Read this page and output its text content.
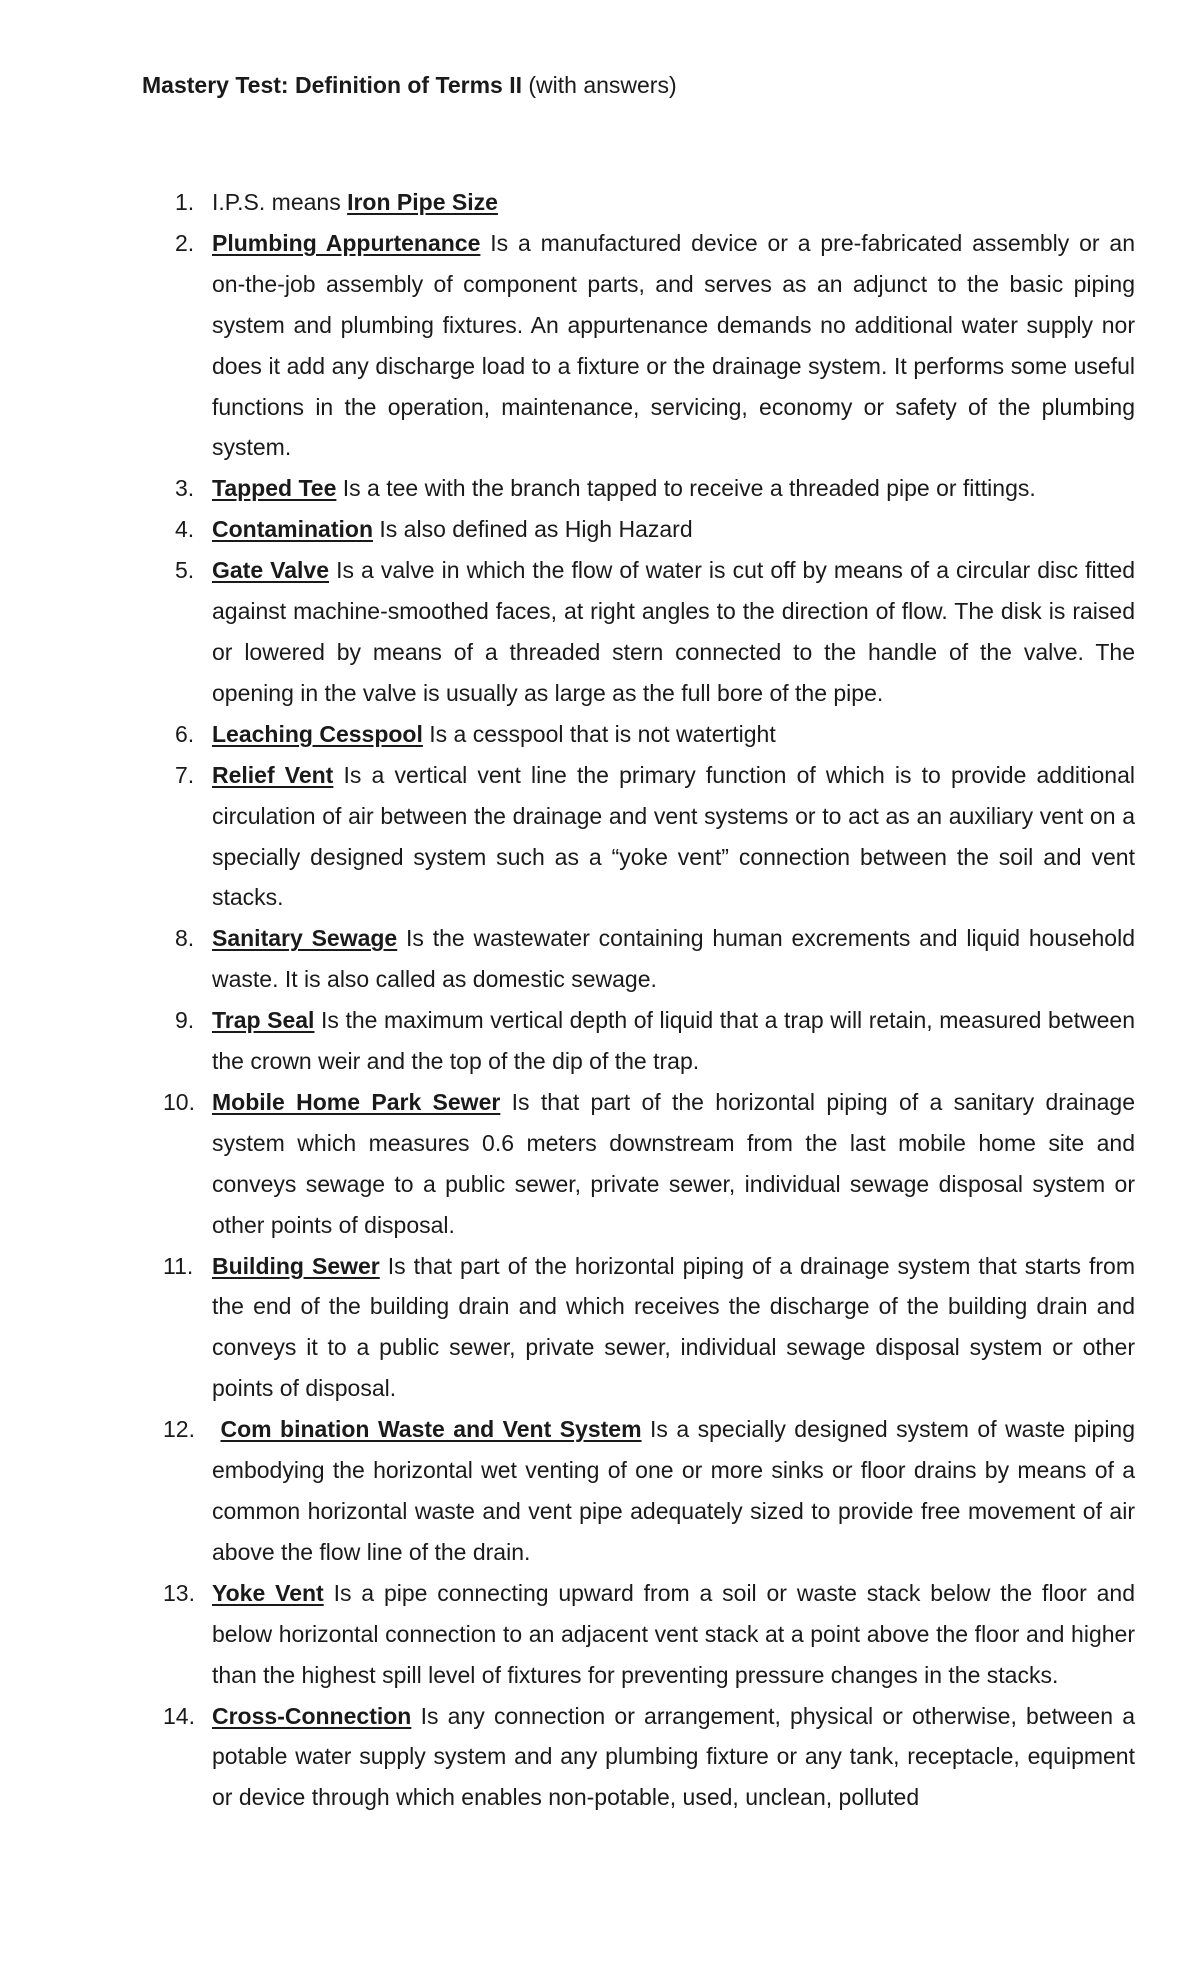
Mastery Test: Definition of Terms II (with answers)
1. I.P.S. means Iron Pipe Size
2. Plumbing Appurtenance Is a manufactured device or a pre-fabricated assembly or an on-the-job assembly of component parts, and serves as an adjunct to the basic piping system and plumbing fixtures. An appurtenance demands no additional water supply nor does it add any discharge load to a fixture or the drainage system. It performs some useful functions in the operation, maintenance, servicing, economy or safety of the plumbing system.
3. Tapped Tee Is a tee with the branch tapped to receive a threaded pipe or fittings.
4. Contamination Is also defined as High Hazard
5. Gate Valve Is a valve in which the flow of water is cut off by means of a circular disc fitted against machine-smoothed faces, at right angles to the direction of flow. The disk is raised or lowered by means of a threaded stern connected to the handle of the valve. The opening in the valve is usually as large as the full bore of the pipe.
6. Leaching Cesspool Is a cesspool that is not watertight
7. Relief Vent Is a vertical vent line the primary function of which is to provide additional circulation of air between the drainage and vent systems or to act as an auxiliary vent on a specially designed system such as a “yoke vent” connection between the soil and vent stacks.
8. Sanitary Sewage Is the wastewater containing human excrements and liquid household waste. It is also called as domestic sewage.
9. Trap Seal Is the maximum vertical depth of liquid that a trap will retain, measured between the crown weir and the top of the dip of the trap.
10. Mobile Home Park Sewer Is that part of the horizontal piping of a sanitary drainage system which measures 0.6 meters downstream from the last mobile home site and conveys sewage to a public sewer, private sewer, individual sewage disposal system or other points of disposal.
11. Building Sewer Is that part of the horizontal piping of a drainage system that starts from the end of the building drain and which receives the discharge of the building drain and conveys it to a public sewer, private sewer, individual sewage disposal system or other points of disposal.
12. Com bination Waste and Vent System Is a specially designed system of waste piping embodying the horizontal wet venting of one or more sinks or floor drains by means of a common horizontal waste and vent pipe adequately sized to provide free movement of air above the flow line of the drain.
13. Yoke Vent Is a pipe connecting upward from a soil or waste stack below the floor and below horizontal connection to an adjacent vent stack at a point above the floor and higher than the highest spill level of fixtures for preventing pressure changes in the stacks.
14. Cross-Connection Is any connection or arrangement, physical or otherwise, between a potable water supply system and any plumbing fixture or any tank, receptacle, equipment or device through which enables non-potable, used, unclean, polluted
